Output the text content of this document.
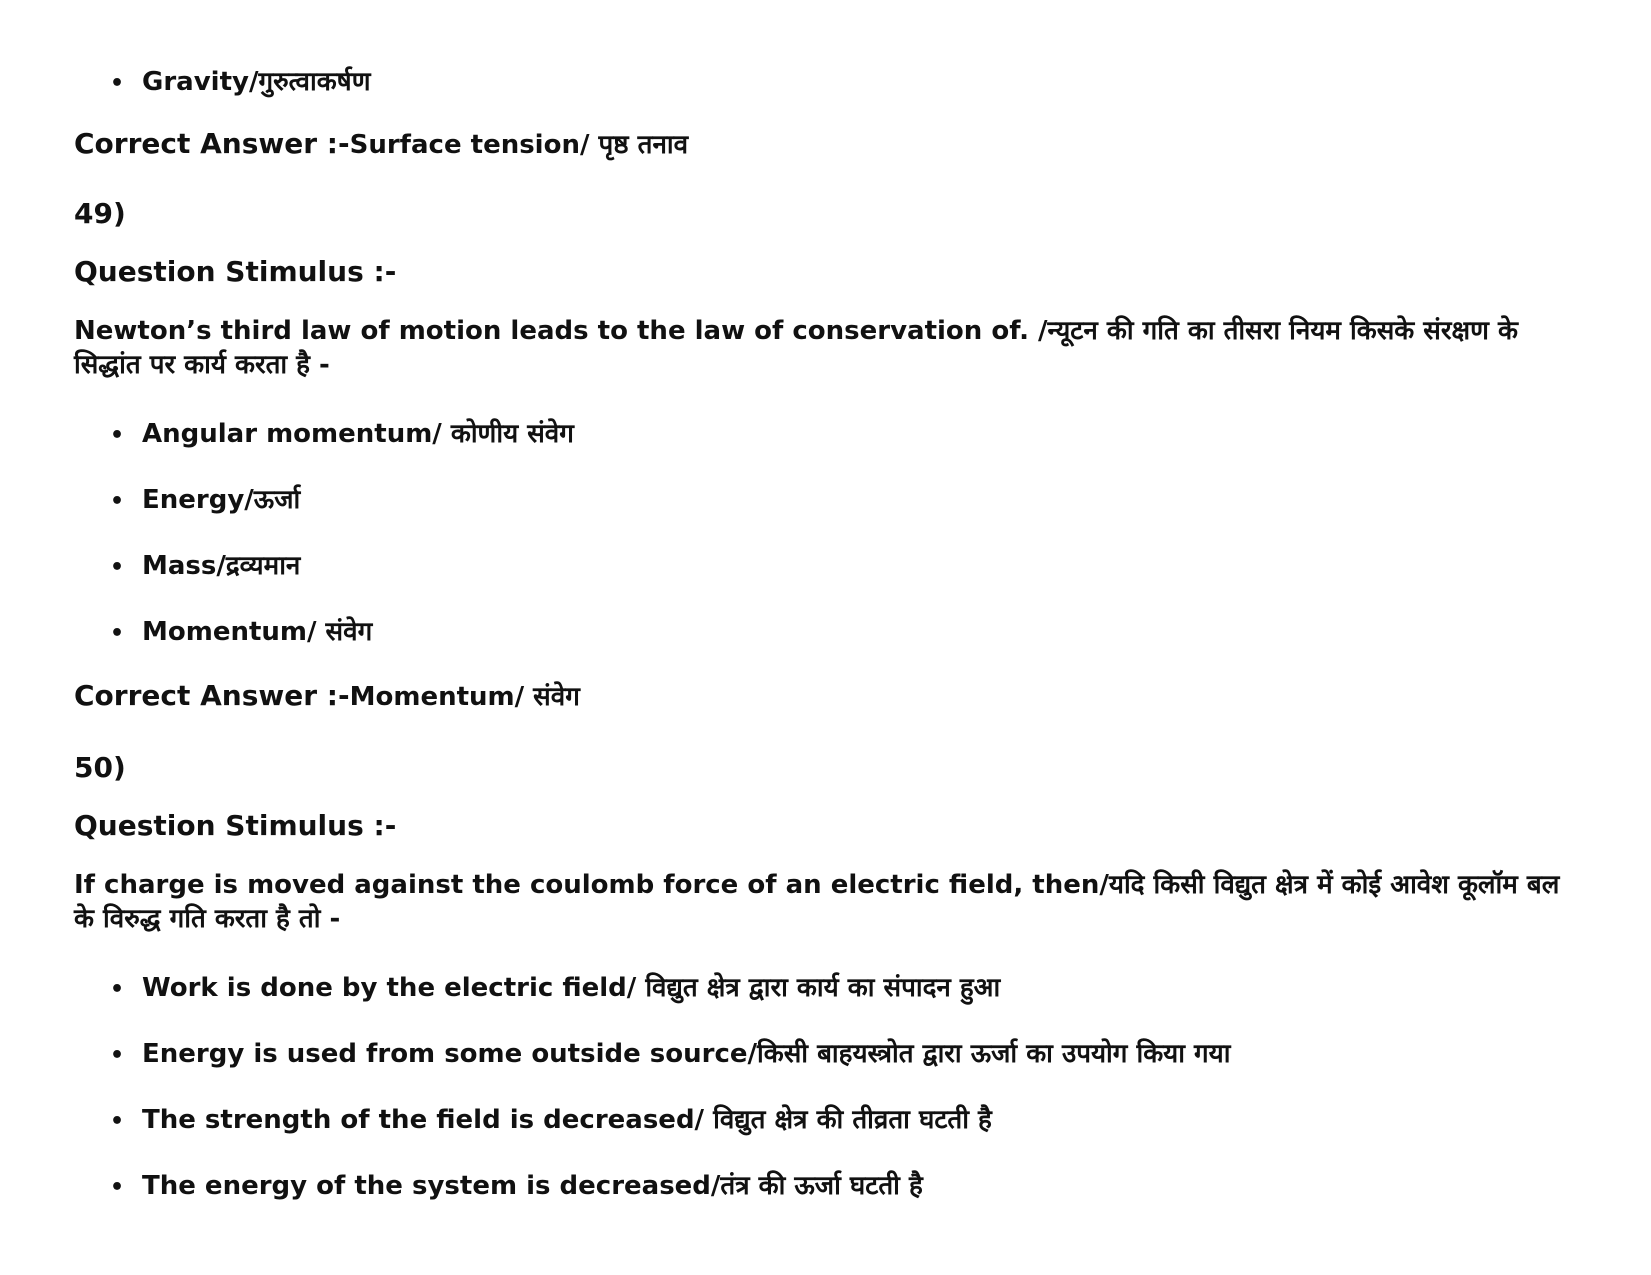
• Gravity/गुरुत्वाकर्षण
Correct Answer :-Surface tension/ पृष्ठ तनाव
49)
Question Stimulus :-
Newton’s third law of motion leads to the law of conservation of. /न्यूटन की गति का तीसरा नियम किसके संरक्षण के सिद्धांत पर कार्य करता है -
• Angular momentum/ कोणीय संवेग
• Energy/ऊर्जा
• Mass/द्रव्यमान
• Momentum/ संवेग
Correct Answer :-Momentum/ संवेग
50)
Question Stimulus :-
If charge is moved against the coulomb force of an electric field, then/यदि किसी विद्युत क्षेत्र में कोई आवेश कूलॉम बल के विरुद्ध गति करता है तो -
• Work is done by the electric field/ विद्युत क्षेत्र द्वारा कार्य का संपादन हुआ
• Energy is used from some outside source/किसी बाहयस्त्रोत द्वारा ऊर्जा का उपयोग किया गया
• The strength of the field is decreased/ विद्युत क्षेत्र की तीव्रता घटती है
• The energy of the system is decreased/तंत्र की ऊर्जा घटती है
